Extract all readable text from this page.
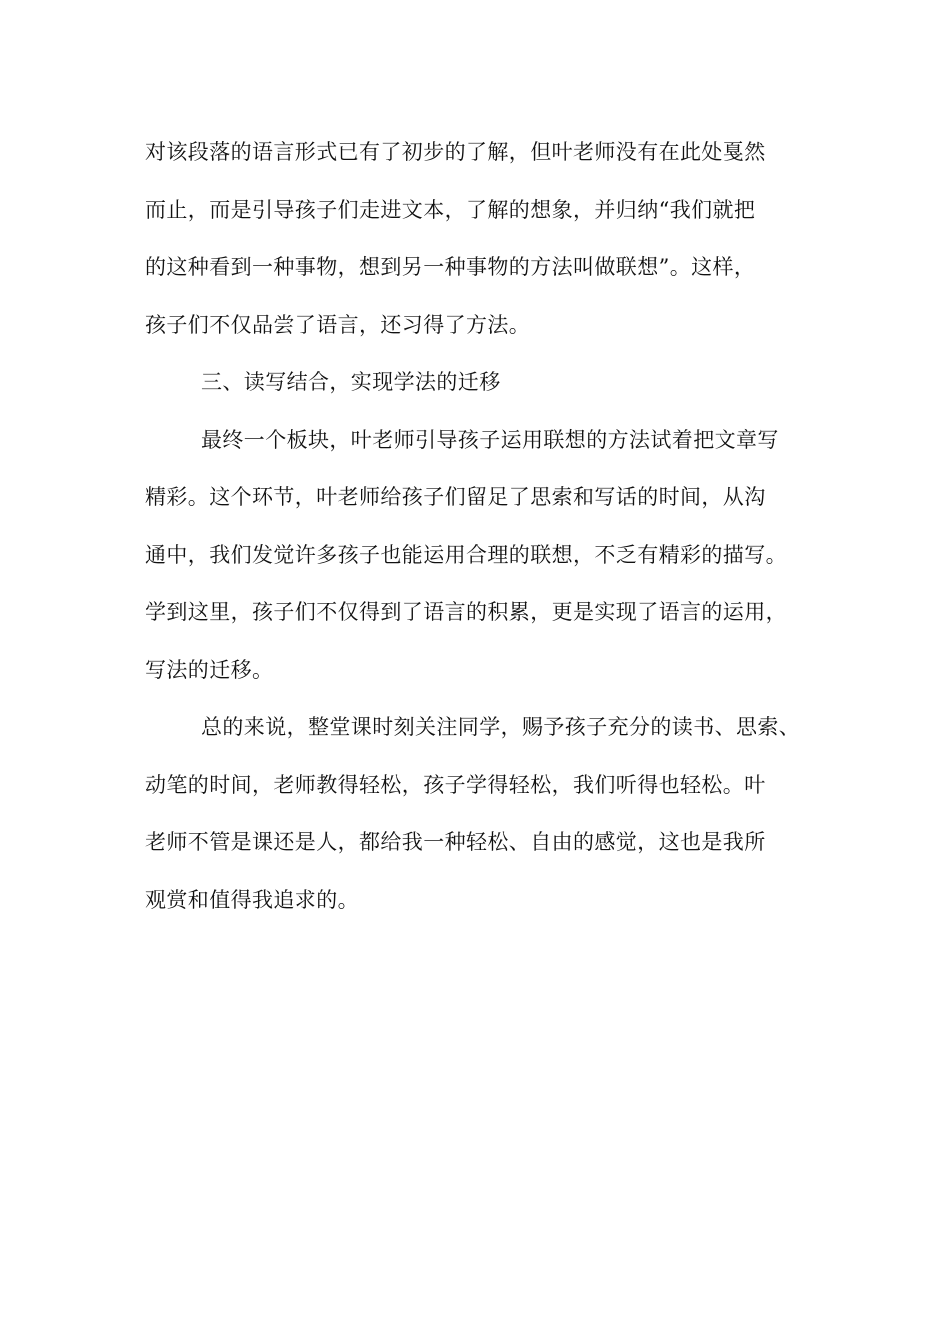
对该段落的语言形式已有了初步的了解，但叶老师没有在此处戛然
而止，而是引导孩子们走进文本，了解的想象，并归纳“我们就把
的这种看到一种事物，想到另一种事物的方法叫做联想”。这样，
孩子们不仅品尝了语言，还习得了方法。
三、读写结合，实现学法的迁移
最终一个板块，叶老师引导孩子运用联想的方法试着把文章写
精彩。这个环节，叶老师给孩子们留足了思索和写话的时间，从沟
通中，我们发觉许多孩子也能运用合理的联想，不乏有精彩的描写。
学到这里，孩子们不仅得到了语言的积累，更是实现了语言的运用，
写法的迁移。
总的来说，整堂课时刻关注同学，赐予孩子充分的读书、思索、
动笔的时间，老师教得轻松，孩子学得轻松，我们听得也轻松。叶
老师不管是课还是人，都给我一种轻松、自由的感觉，这也是我所
观赏和值得我追求的。
